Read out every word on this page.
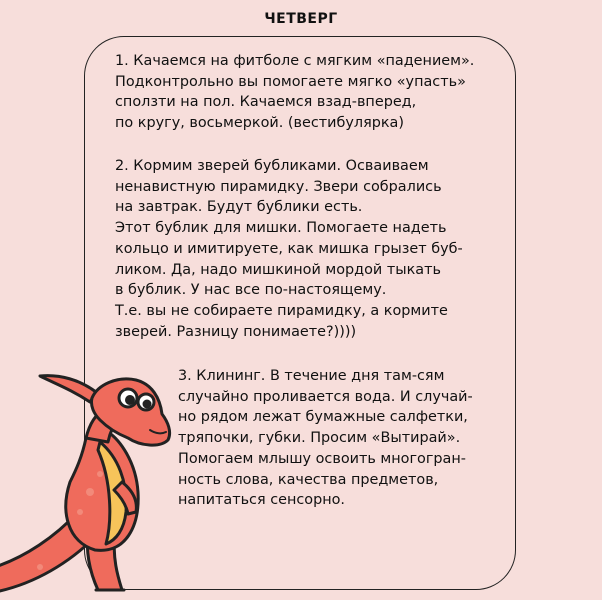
ЧЕТВЕРГ

1. Качаемся на фитболе с мягким «падением».
Подконтрольно вы помогаете мягко «упасть»
сползти на пол. Качаемся взад-вперед,
по кругу, восьмеркой. (вестибулярка)

2. Кормим зверей бубликами. Осваиваем
ненавистную пирамидку. Звери собрались
на завтрак. Будут бублики есть.
Этот бублик для мишки. Помогаете надеть
кольцо и имитируете, как мишка грызет буб-
ликом. Да, надо мишкиной мордой тыкать
в бублик. У нас все по-настоящему.
Т.е. вы не собираете пирамидку, а кормите
зверей. Разницу понимаете?))))

3. Клининг. В течение дня там-сям
случайно проливается вода. И случай-
но рядом лежат бумажные салфетки,
тряпочки, губки. Просим «Вытирай».
Помогаем млышу освоить многогран-
ность слова, качества предметов,
напитаться сенсорно.
